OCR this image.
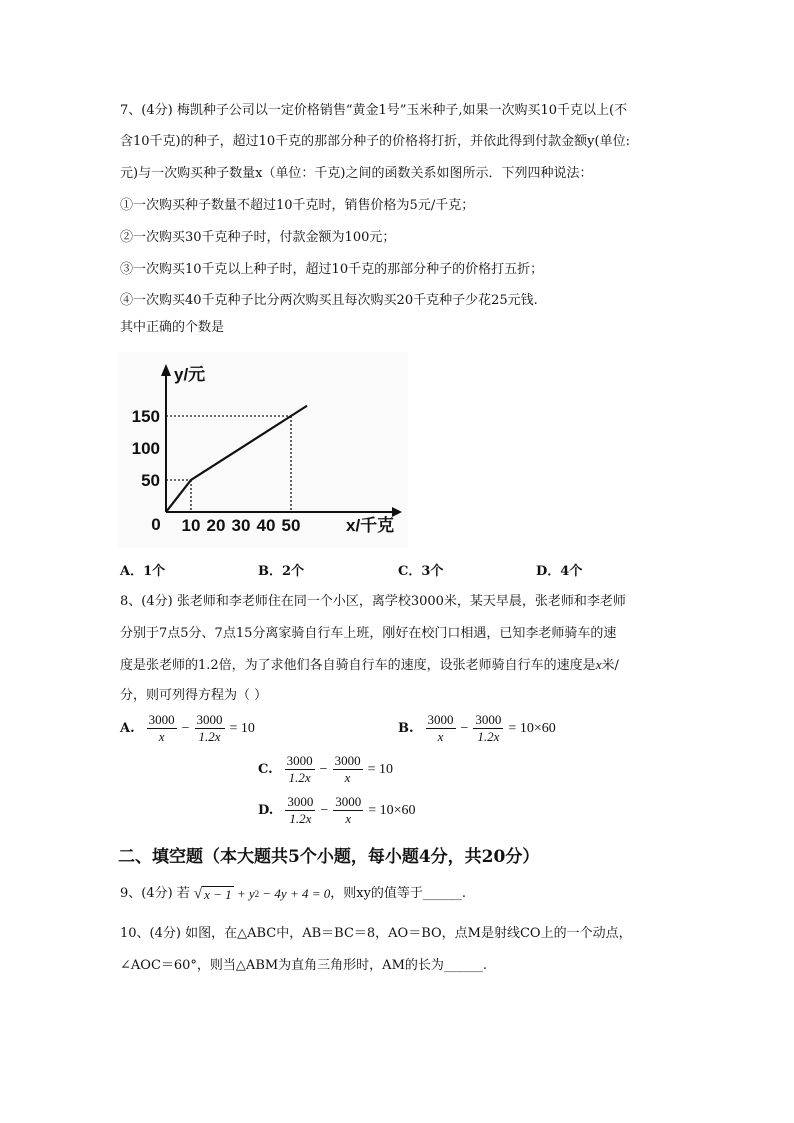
7、(4分) 梅凯种子公司以一定价格销售“黄金1号”玉米种子,如果一次购买10千克以上(不
含10千克)的种子，超过10千克的那部分种子的价格将打折，并依此得到付款金额y(单位:
元)与一次购买种子数量x（单位：千克)之间的函数关系如图所示．下列四种说法：
①一次购买种子数量不超过10千克时，销售价格为5元/千克；
②一次购买30千克种子时，付款金额为100元；
③一次购买10千克以上种子时，超过10千克的那部分种子的价格打五折；
④一次购买40千克种子比分两次购买且每次购买20千克种子少花25元钱.
其中正确的个数是
y/元
x/千克
0 10 20 30 40 50
50
100
150
A．1个	B．2个	C．3个	D．4个
8、(4分) 张老师和李老师住在同一个小区，离学校3000米，某天早晨，张老师和李老师
分别于7点5分、7点15分离家骑自行车上班，刚好在校门口相遇，已知李老师骑车的速
度是张老师的1.2倍，为了求他们各自骑自行车的速度，设张老师骑自行车的速度是x米/
分，则可列得方程为（ ）
A. $\frac{3000}{x} - \frac{3000}{1.2x} = 10$	B. $\frac{3000}{x} - \frac{3000}{1.2x} = 10\times 60$
C. $\frac{3000}{1.2x} - \frac{3000}{x} = 10$
D. $\frac{3000}{1.2x} - \frac{3000}{x} = 10\times 60$
二、填空题（本大题共5个小题，每小题4分，共20分）
9、(4分) 若 √ x − 1 + y 2 − 4y + 4 = 0 ，则xy的值等于______.
10、(4分) 如图，在△ABC中，AB＝BC＝8，AO＝BO，点M是射线CO上的一个动点，
∠AOC＝60°，则当△ABM为直角三角形时，AM的长为______.
